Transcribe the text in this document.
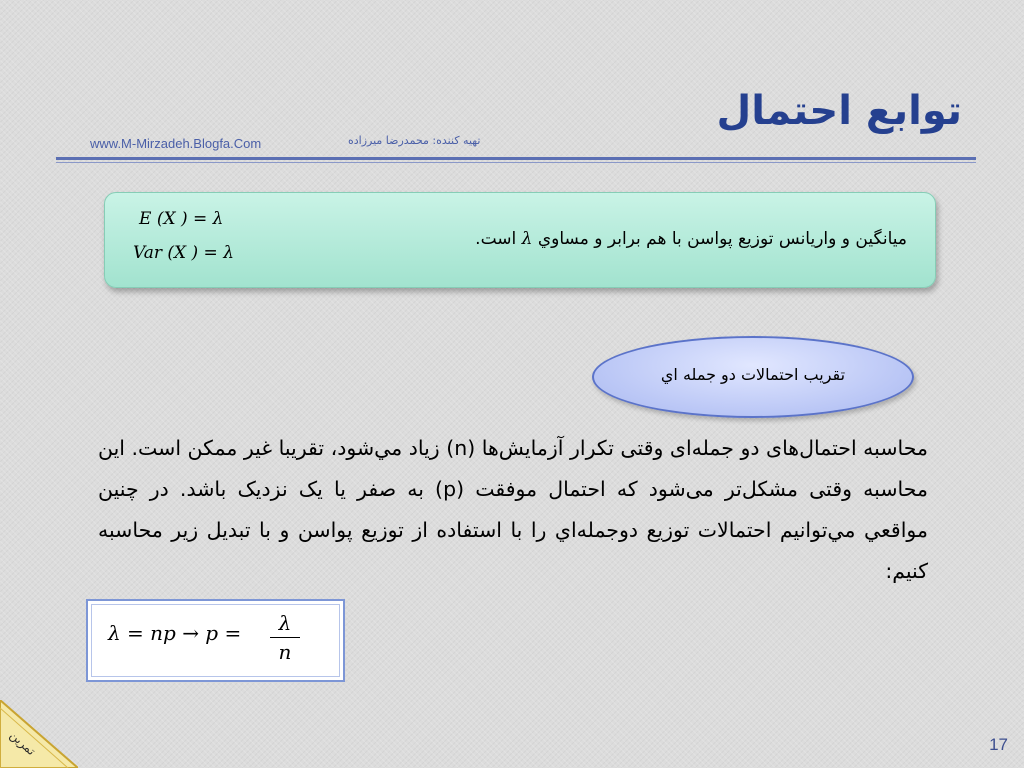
توابع احتمال
www.M-Mirzadeh.Blogfa.Com	تهیه کننده: محمدرضا میرزاده
E (X ) = λ
Var (X ) = λ
ميانگين و واريانس توزيع پواسن با هم برابر و مساوي λ است.
تقريب احتمالات دو جمله اي
محاسبه احتمال‌های دو جمله‌ای وقتی تکرار آزمایش‌ها (n) زياد مي‌شود، تقریبا غیر ممکن است. این محاسبه وقتی مشکل‌تر می‌شود که احتمال موفقت (p) به صفر یا یک نزدیک باشد. در چنين مواقعي مي‌توانيم احتمالات توزيع دوجمله‌اي را با استفاده از توزيع پواسن و با تبديل زير محاسبه کنيم:
λ = np → $p = \frac{\lambda}{n}$
تمرین	17
